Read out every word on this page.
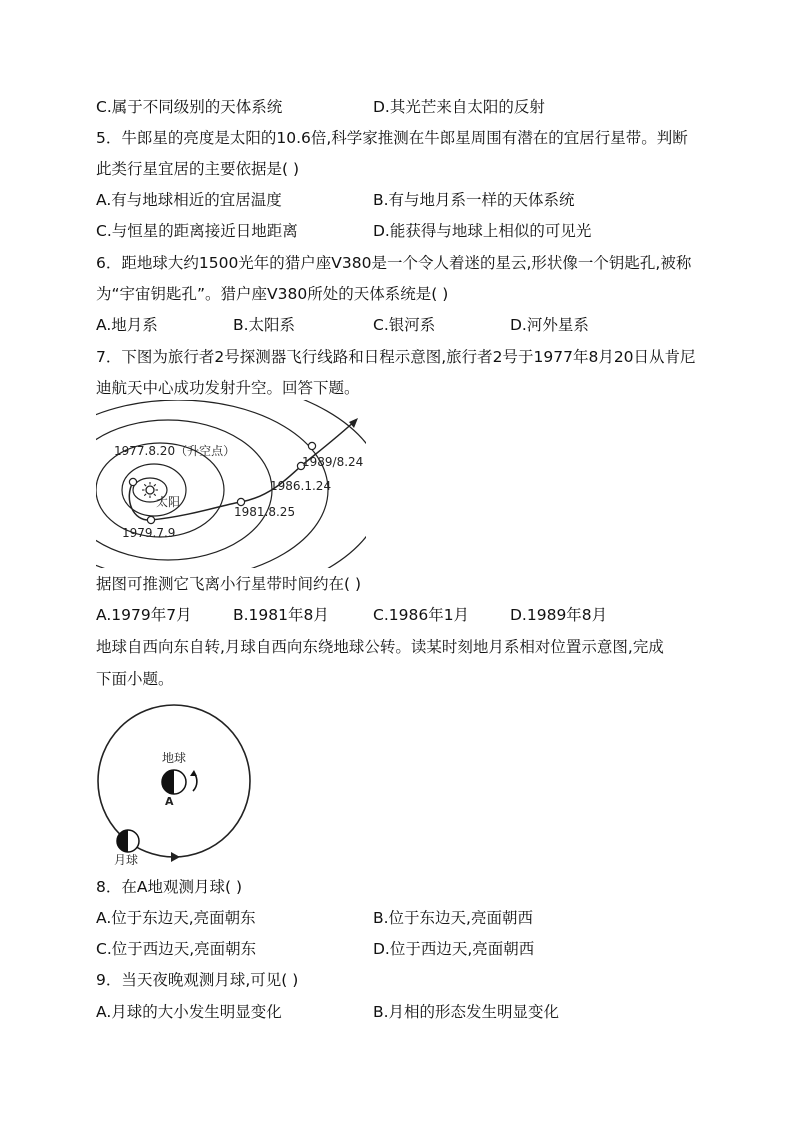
C.属于不同级别的天体系统	D.其光芒来自太阳的反射
5．牛郎星的亮度是太阳的10.6倍,科学家推测在牛郎星周围有潜在的宜居行星带。判断
此类行星宜居的主要依据是( )
A.有与地球相近的宜居温度	B.有与地月系一样的天体系统
C.与恒星的距离接近日地距离	D.能获得与地球上相似的可见光
6．距地球大约1500光年的猎户座V380是一个令人着迷的星云,形状像一个钥匙孔,被称
为“宇宙钥匙孔”。猎户座V380所处的天体系统是( )
A.地月系	B.太阳系	C.银河系	D.河外星系
7．下图为旅行者2号探测器飞行线路和日程示意图,旅行者2号于1977年8月20日从肯尼
迪航天中心成功发射升空。回答下题。
1977.8.20（升空点）
太阳
1979.7.9
1981.8.25
1986.1.24
1989/8.24
据图可推测它飞离小行星带时间约在( )
A.1979年7月	B.1981年8月	C.1986年1月	D.1989年8月
地球自西向东自转,月球自西向东绕地球公转。读某时刻地月系相对位置示意图,完成
下面小题。
地球
A
月球
8．在A地观测月球( )
A.位于东边天,亮面朝东	B.位于东边天,亮面朝西
C.位于西边天,亮面朝东	D.位于西边天,亮面朝西
9．当天夜晚观测月球,可见( )
A.月球的大小发生明显变化	B.月相的形态发生明显变化
